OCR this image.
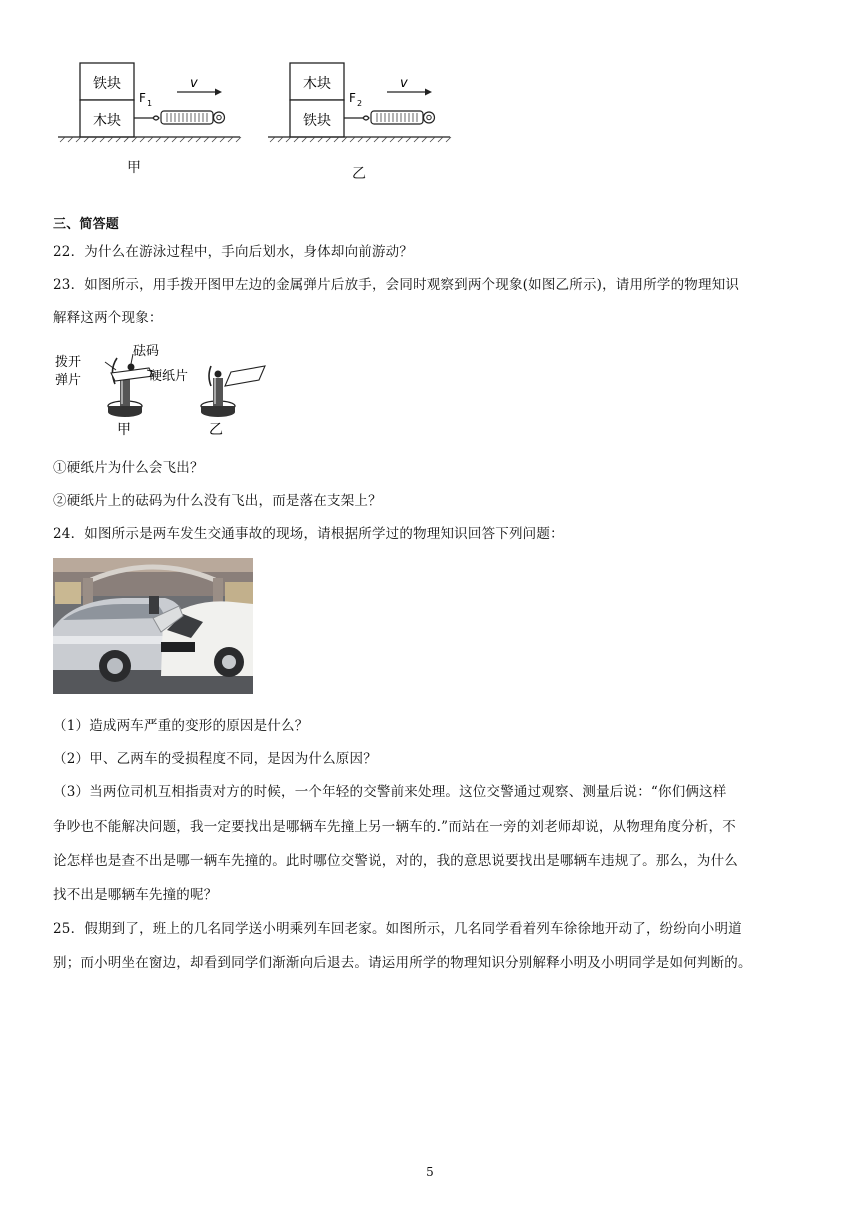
铁块
木块
F 1
v
甲
木块
铁块
F 2
v
乙
三、简答题
22．为什么在游泳过程中，手向后划水，身体却向前游动？
23．如图所示，用手拨开图甲左边的金属弹片后放手，会同时观察到两个现象(如图乙所示)，请用所学的物理知识
解释这两个现象：
拨开
弹片
砝码
硬纸片
甲	乙
①硬纸片为什么会飞出？
②硬纸片上的砝码为什么没有飞出，而是落在支架上？
24．如图所示是两车发生交通事故的现场，请根据所学过的物理知识回答下列问题：
（1）造成两车严重的变形的原因是什么？
（2）甲、乙两车的受损程度不同，是因为什么原因？
（3）当两位司机互相指责对方的时候，一个年轻的交警前来处理。这位交警通过观察、测量后说：“你们俩这样
争吵也不能解决问题，我一定要找出是哪辆车先撞上另一辆车的.”而站在一旁的刘老师却说，从物理角度分析，不
论怎样也是查不出是哪一辆车先撞的。此时哪位交警说，对的，我的意思说要找出是哪辆车违规了。那么，为什么
找不出是哪辆车先撞的呢？
25．假期到了，班上的几名同学送小明乘列车回老家。如图所示，几名同学看着列车徐徐地开动了，纷纷向小明道
别；而小明坐在窗边，却看到同学们渐渐向后退去。请运用所学的物理知识分别解释小明及小明同学是如何判断的。
5
